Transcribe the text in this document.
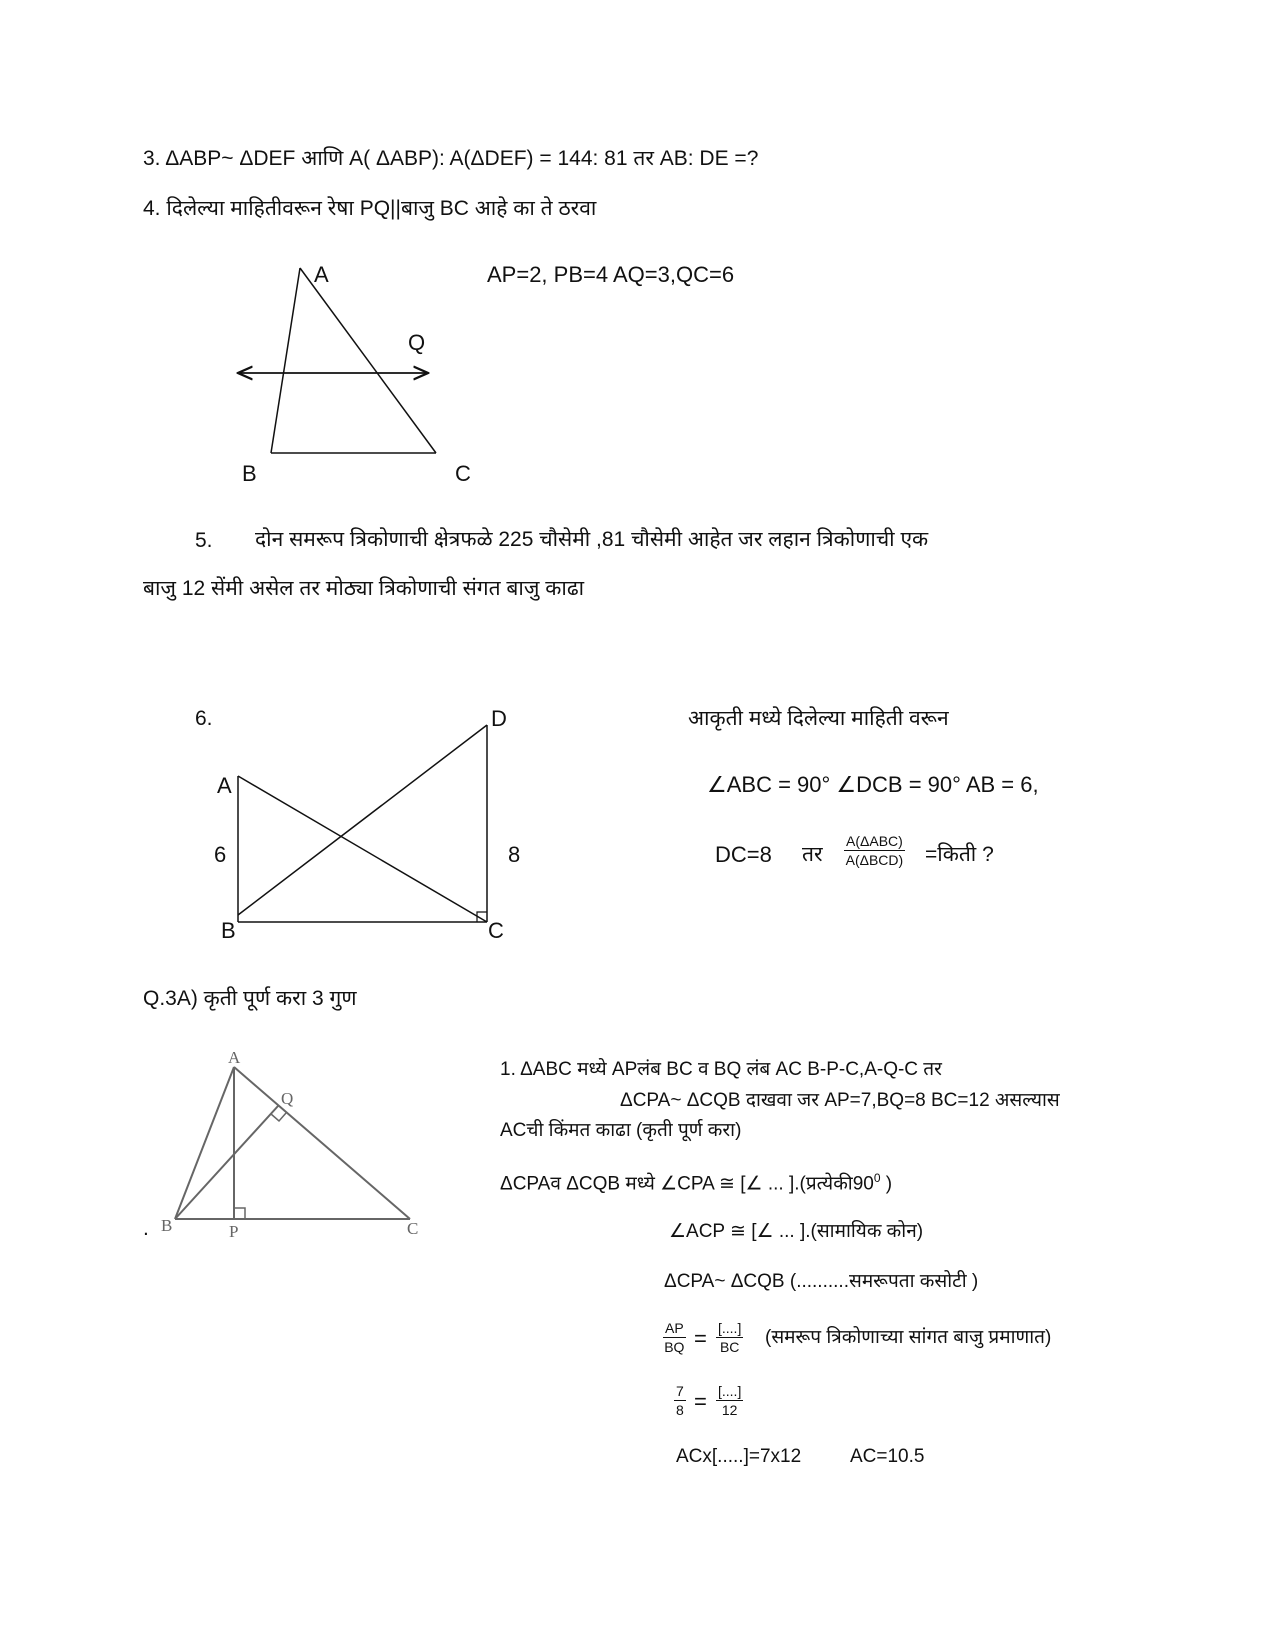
3. ΔABP~ ΔDEF आणि A( ΔABP): A(ΔDEF) = 144: 81 तर AB: DE =?
4. दिलेल्या माहितीवरून रेषा PQ||बाजु BC आहे का ते ठरवा
AP=2, PB=4 AQ=3,QC=6
A
Q
B	C
5. दोन समरूप त्रिकोणाची क्षेत्रफळे 225 चौसेमी ,81 चौसेमी आहेत जर लहान त्रिकोणाची एक
बाजु 12 सेंमी असेल तर मोठ्या त्रिकोणाची संगत बाजु काढा
6.	D
A
6	8
B	C
आकृती मध्ये दिलेल्या माहिती वरून
∠ABC = 90° ∠DCB = 90° AB = 6,
DC=8 तर
A(ΔABC)
A(ΔBCD) =किती ?
Q.3A) कृती पूर्ण करा 3 गुण
A
Q
. B	P	C
1. ΔABC मध्ये APलंब BC व BQ लंब AC B-P-C,A-Q-C तर
ΔCPA~ ΔCQB दाखवा जर AP=7,BQ=8 BC=12 असल्यास
ACची किंमत काढा (कृती पूर्ण करा)
ΔCPAव ΔCQB मध्ये ∠CPA ≅ [∠ ... ]$.(प्रत्येकी90^0$ )
∠ACP ≅ [∠ ... ].(सामायिक कोन)
ΔCPA~ ΔCQB (..........समरूपता कसोटी )
$\frac{AP}{BQ}$ = [....]
BC (समरूप त्रिकोणाच्या सांगत बाजु प्रमाणात)
$\frac{7}{8}$ = [....]
12
ACx[.....]=7x12	AC=10.5
